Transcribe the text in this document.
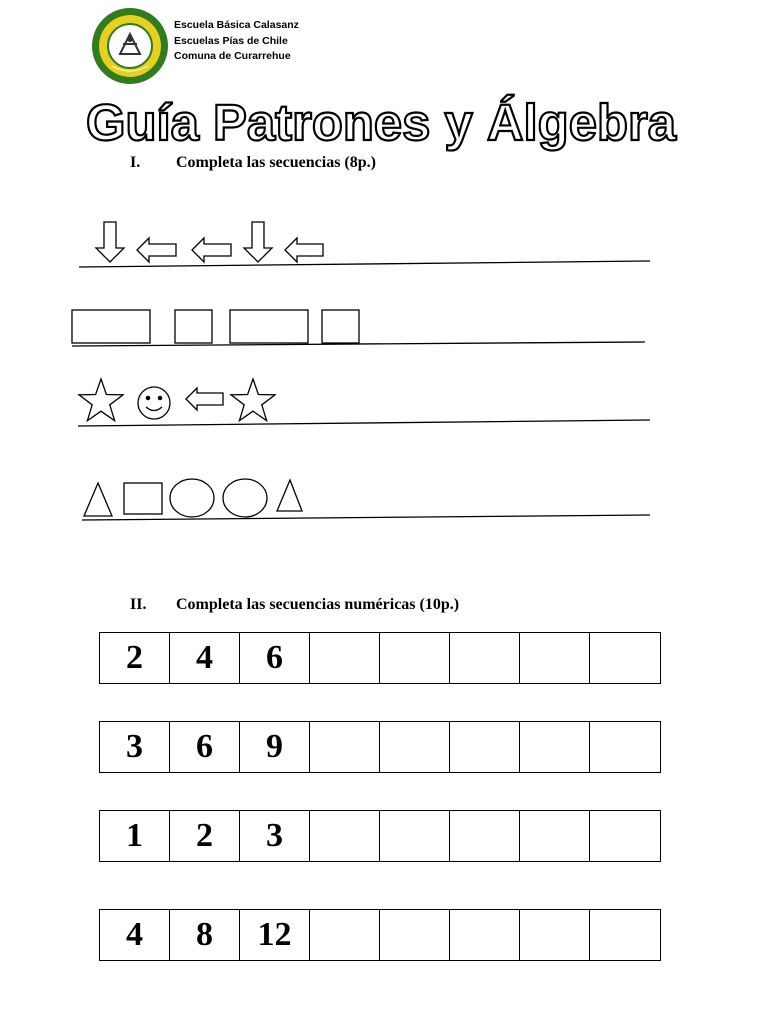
Escuela Básica Calasanz
Escuelas Pías de Chile
Comuna de Curarrehue
Guía Patrones y Álgebra
I. Completa las secuencias (8p.)
II. Completa las secuencias numéricas (10p.)
2	4	6					
3	6	9					
1	2	3					
4	8	12					
